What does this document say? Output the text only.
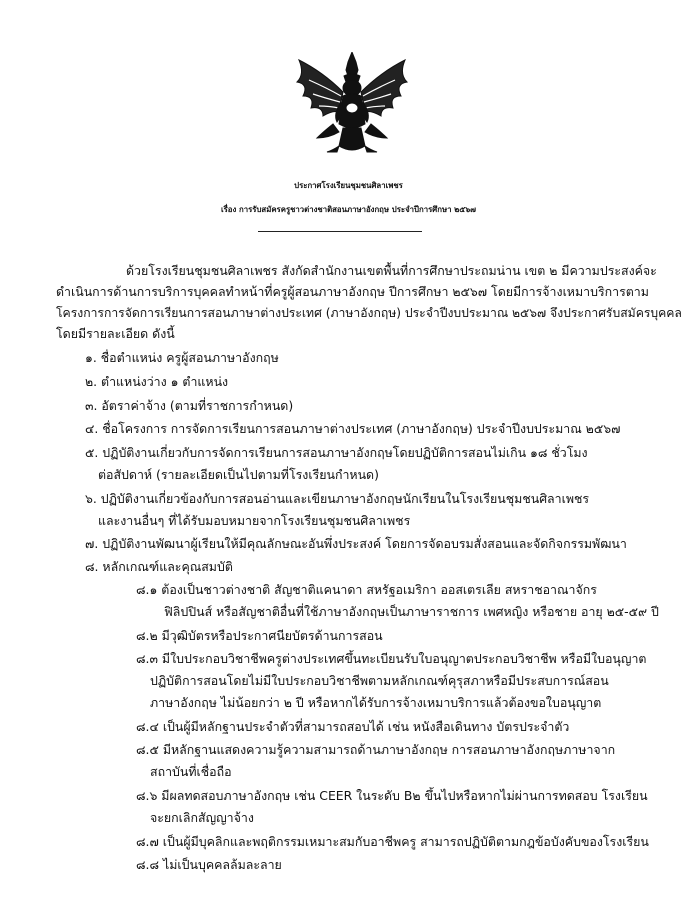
ประกาศโรงเรียนชุมชนศิลาเพชร
เรื่อง การรับสมัครครูชาวต่างชาติสอนภาษาอังกฤษ ประจำปีการศึกษา ๒๕๖๗
ด้วยโรงเรียนชุมชนศิลาเพชร สังกัดสำนักงานเขตพื้นที่การศึกษาประถมน่าน เขต ๒ มีความประสงค์จะ
ดำเนินการด้านการบริการบุคคลทำหน้าที่ครูผู้สอนภาษาอังกฤษ ปีการศึกษา ๒๕๖๗ โดยมีการจ้างเหมาบริการตาม
โครงการการจัดการเรียนการสอนภาษาต่างประเทศ (ภาษาอังกฤษ) ประจำปีงบประมาณ ๒๕๖๗ จึงประกาศรับสมัครบุคคล
โดยมีรายละเอียด ดังนี้
๑. ชื่อตำแหน่ง ครูผู้สอนภาษาอังกฤษ
๒. ตำแหน่งว่าง ๑ ตำแหน่ง
๓. อัตราค่าจ้าง (ตามที่ราชการกำหนด)
๔. ชื่อโครงการ การจัดการเรียนการสอนภาษาต่างประเทศ (ภาษาอังกฤษ) ประจำปีงบประมาณ ๒๕๖๗
๕. ปฏิบัติงานเกี่ยวกับการจัดการเรียนการสอนภาษาอังกฤษโดยปฏิบัติการสอนไม่เกิน ๑๘ ชั่วโมง
ต่อสัปดาห์ (รายละเอียดเป็นไปตามที่โรงเรียนกำหนด)
๖. ปฏิบัติงานเกี่ยวข้องกับการสอนอ่านและเขียนภาษาอังกฤษนักเรียนในโรงเรียนชุมชนศิลาเพชร
และงานอื่นๆ ที่ได้รับมอบหมายจากโรงเรียนชุมชนศิลาเพชร
๗. ปฏิบัติงานพัฒนาผู้เรียนให้มีคุณลักษณะอันพึ่งประสงค์ โดยการจัดอบรมสั่งสอนและจัดกิจกรรมพัฒนา
๘. หลักเกณฑ์และคุณสมบัติ
๘.๑ ต้องเป็นชาวต่างชาติ สัญชาติแคนาดา สหรัฐอเมริกา ออสเตรเลีย สหราชอาณาจักร
ฟิลิปปินส์ หรือสัญชาติอื่นที่ใช้ภาษาอังกฤษเป็นภาษาราชการ เพศหญิง หรือชาย อายุ ๒๕-๕๙ ปี
๘.๒ มีวุฒิบัตรหรือประกาศนียบัตรด้านการสอน
๘.๓ มีใบประกอบวิชาชีพครูต่างประเทศขึ้นทะเบียนรับใบอนุญาตประกอบวิชาชีพ หรือมีใบอนุญาต
ปฏิบัติการสอนโดยไม่มีใบประกอบวิชาชีพตามหลักเกณฑ์คุรุสภาหรือมีประสบการณ์สอน
ภาษาอังกฤษ ไม่น้อยกว่า ๒ ปี หรือหากได้รับการจ้างเหมาบริการแล้วต้องขอใบอนุญาต
๘.๔ เป็นผู้มีหลักฐานประจำตัวที่สามารถสอบได้ เช่น หนังสือเดินทาง บัตรประจำตัว
๘.๕ มีหลักฐานแสดงความรู้ความสามารถด้านภาษาอังกฤษ การสอนภาษาอังกฤษภาษาจาก
สถาบันที่เชื่อถือ
๘.๖ มีผลทดสอบภาษาอังกฤษ เช่น CEER ในระดับ B๒ ขึ้นไปหรือหากไม่ผ่านการทดสอบ โรงเรียน
จะยกเลิกสัญญาจ้าง
๘.๗ เป็นผู้มีบุคลิกและพฤติกรรมเหมาะสมกับอาชีพครู สามารถปฏิบัติตามกฎข้อบังคับของโรงเรียน
๘.๘ ไม่เป็นบุคคลล้มละลาย
